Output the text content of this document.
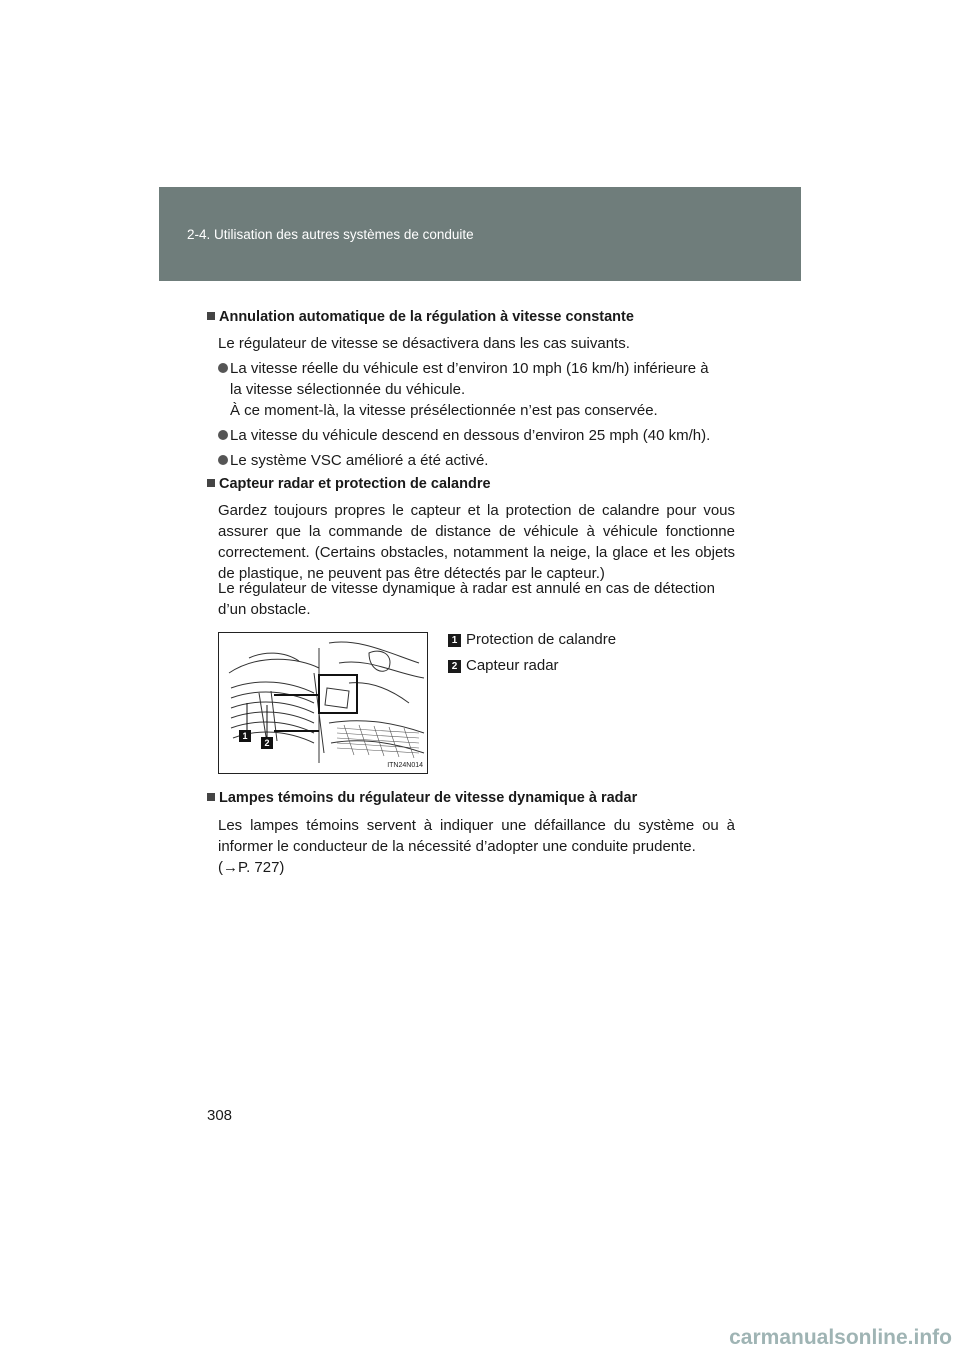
2-4. Utilisation des autres systèmes de conduite
Annulation automatique de la régulation à vitesse constante
Le régulateur de vitesse se désactivera dans les cas suivants.
La vitesse réelle du véhicule est d’environ 10 mph (16 km/h) inférieure à
la vitesse sélectionnée du véhicule.
À ce moment-là, la vitesse présélectionnée n’est pas conservée.
La vitesse du véhicule descend en dessous d’environ 25 mph (40 km/h).
Le système VSC amélioré a été activé.
Capteur radar et protection de calandre
Gardez toujours propres le capteur et la protection de calandre pour vous assurer que la commande de distance de véhicule à véhicule fonctionne correctement. (Certains obstacles, notamment la neige, la glace et les objets de plastique, ne peuvent pas être détectés par le capteur.)
Le régulateur de vitesse dynamique à radar est annulé en cas de détection d’un obstacle.
1
2
ITN24N014
1 Protection de calandre
2 Capteur radar
Lampes témoins du régulateur de vitesse dynamique à radar
Les lampes témoins servent à indiquer une défaillance du système ou à informer le conducteur de la nécessité d’adopter une conduite prudente.
(→P. 727)
308
carmanualsonline.info
